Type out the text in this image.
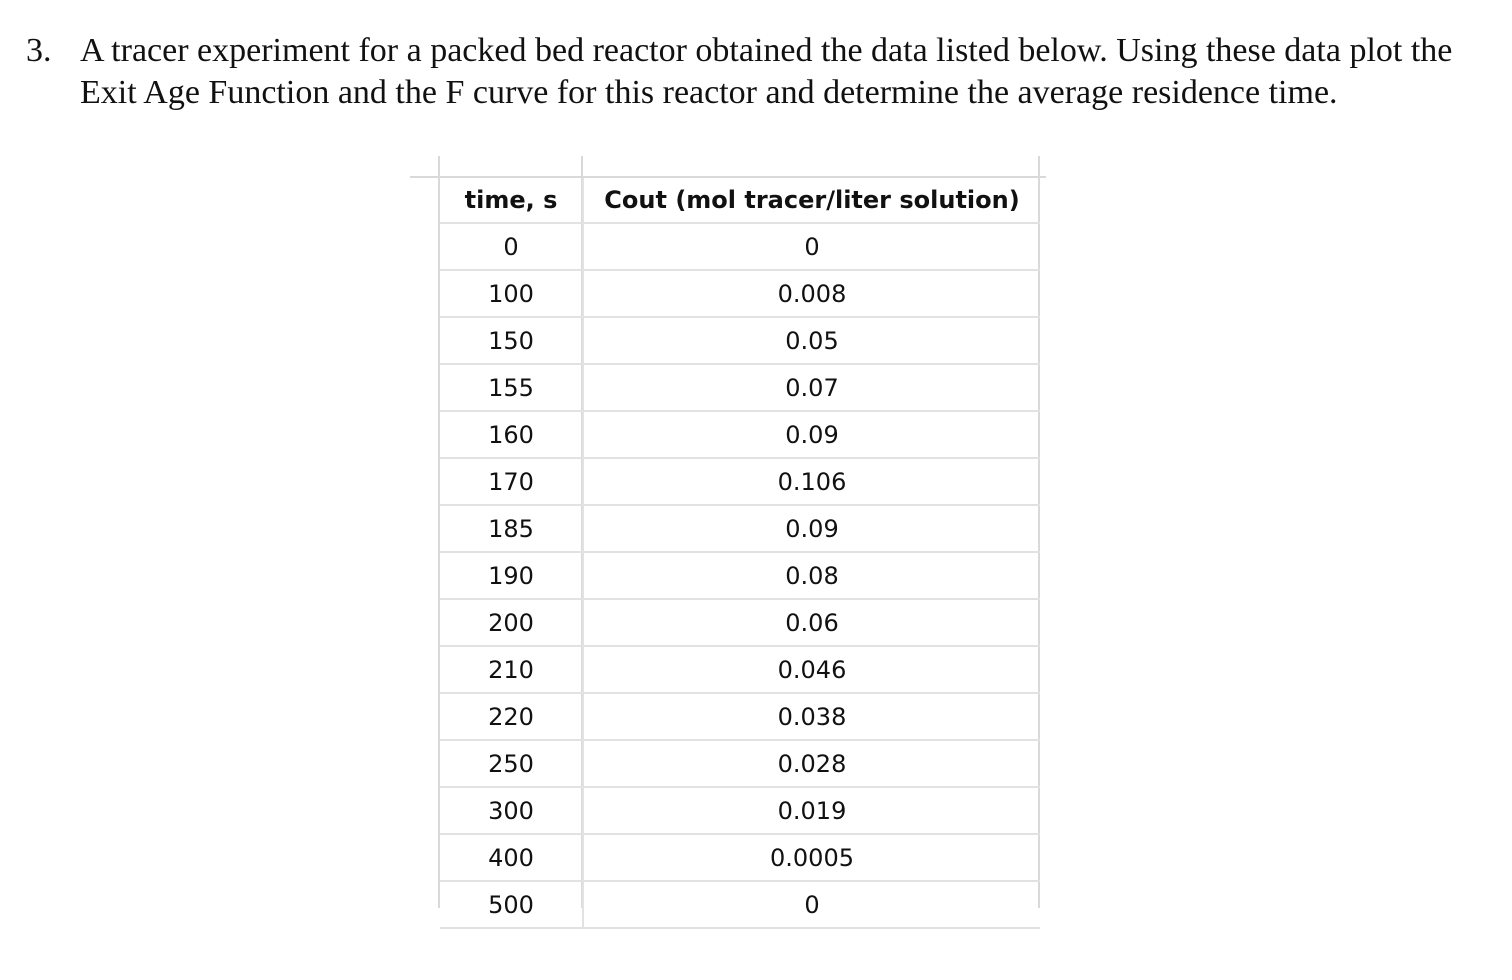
3. A tracer experiment for a packed bed reactor obtained the data listed below. Using these data plot the Exit Age Function and the F curve for this reactor and determine the average residence time.
time, s	Cout (mol tracer/liter solution)
0	0
100	0.008
150	0.05
155	0.07
160	0.09
170	0.106
185	0.09
190	0.08
200	0.06
210	0.046
220	0.038
250	0.028
300	0.019
400	0.0005
500	0
